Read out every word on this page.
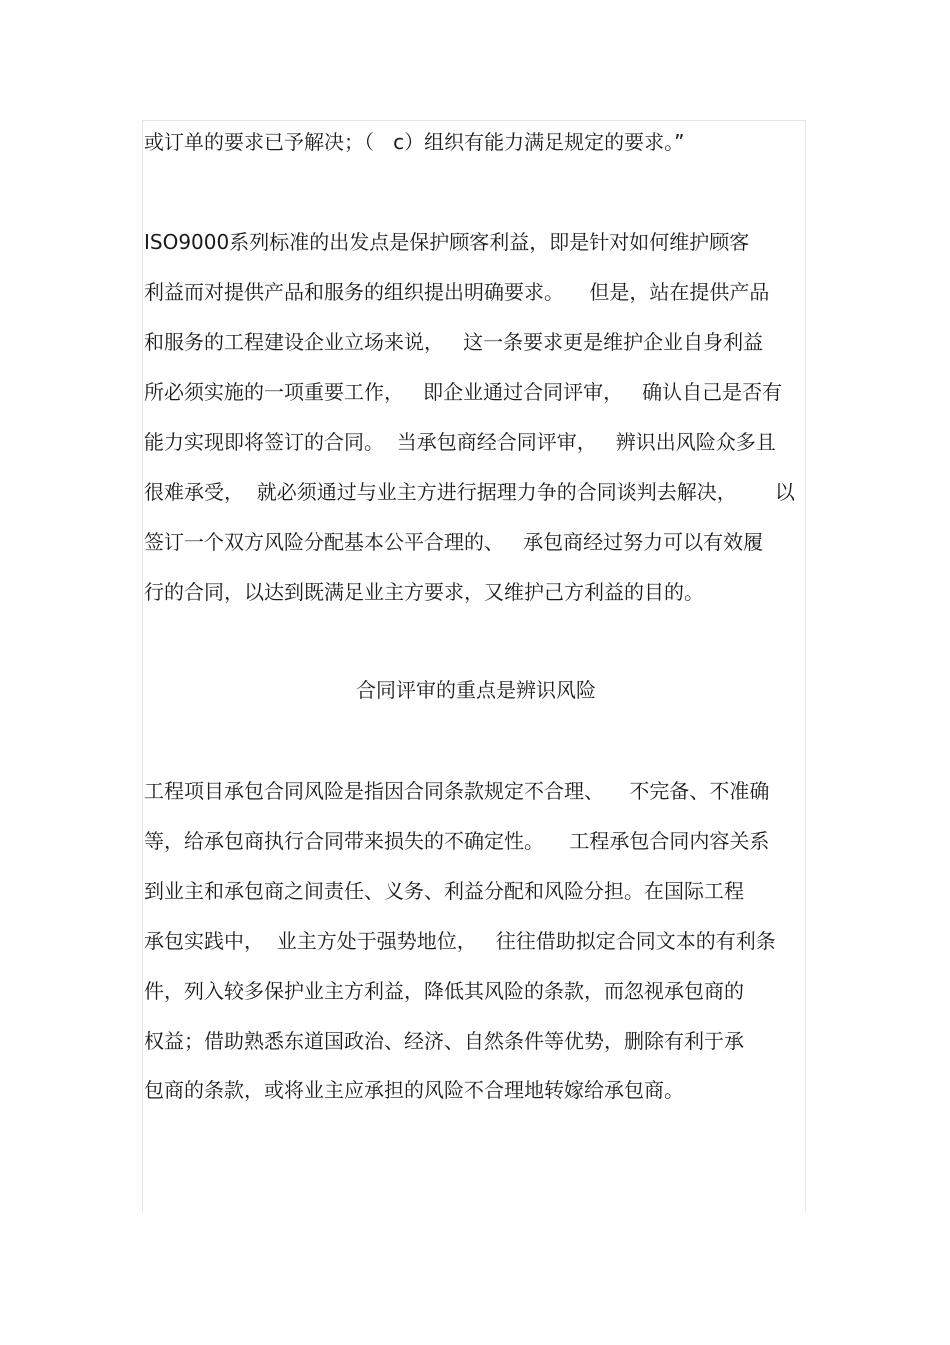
或订单的要求已予解决；（   c）组织有能力满足规定的要求。”
ISO9000系列标准的出发点是保护顾客利益，即是针对如何维护顾客
利益而对提供产品和服务的组织提出明确要求。    但是，站在提供产品
和服务的工程建设企业立场来说，   这一条要求更是维护企业自身利益
所必须实施的一项重要工作，   即企业通过合同评审，   确认自己是否有
能力实现即将签订的合同。  当承包商经合同评审，   辨识出风险众多且
很难承受，  就必须通过与业主方进行据理力争的合同谈判去解决，      以
签订一个双方风险分配基本公平合理的、   承包商经过努力可以有效履
行的合同，以达到既满足业主方要求，又维护己方利益的目的。
合同评审的重点是辨识风险
工程项目承包合同风险是指因合同条款规定不合理、    不完备、不准确
等，给承包商执行合同带来损失的不确定性。    工程承包合同内容关系
到业主和承包商之间责任、义务、利益分配和风险分担。在国际工程
承包实践中，  业主方处于强势地位，   往往借助拟定合同文本的有利条
件，列入较多保护业主方利益，降低其风险的条款，而忽视承包商的
权益；借助熟悉东道国政治、经济、自然条件等优势，删除有利于承
包商的条款，或将业主应承担的风险不合理地转嫁给承包商。
